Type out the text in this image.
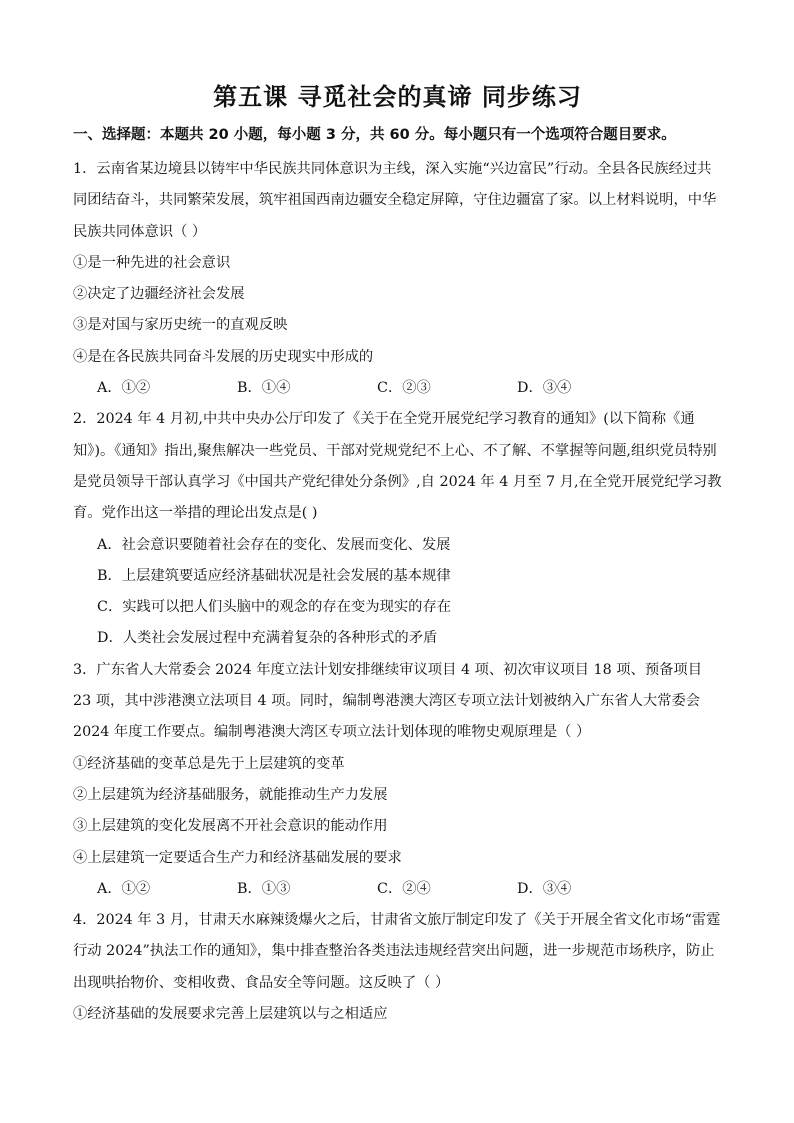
第五课 寻觅社会的真谛 同步练习
一、选择题：本题共 20 小题，每小题 3 分，共 60 分。每小题只有一个选项符合题目要求。
1．云南省某边境县以铸牢中华民族共同体意识为主线，深入实施“兴边富民”行动。全县各民族经过共同团结奋斗，共同繁荣发展，筑牢祖国西南边疆安全稳定屏障，守住边疆富了家。以上材料说明，中华民族共同体意识（ ）
①是一种先进的社会意识
②决定了边疆经济社会发展
③是对国与家历史统一的直观反映
④是在各民族共同奋斗发展的历史现实中形成的
A．①②	B．①④	C．②③	D．③④
2．2024 年 4 月初,中共中央办公厅印发了《关于在全党开展党纪学习教育的通知》(以下简称《通知》)。《通知》指出,聚焦解决一些党员、干部对党规党纪不上心、不了解、不掌握等问题,组织党员特别是党员领导干部认真学习《中国共产党纪律处分条例》,自 2024 年 4 月至 7 月,在全党开展党纪学习教育。党作出这一举措的理论出发点是( )
A．社会意识要随着社会存在的变化、发展而变化、发展
B．上层建筑要适应经济基础状况是社会发展的基本规律
C．实践可以把人们头脑中的观念的存在变为现实的存在
D．人类社会发展过程中充满着复杂的各种形式的矛盾
3．广东省人大常委会 2024 年度立法计划安排继续审议项目 4 项、初次审议项目 18 项、预备项目 23 项，其中涉港澳立法项目 4 项。同时，编制粤港澳大湾区专项立法计划被纳入广东省人大常委会 2024 年度工作要点。编制粤港澳大湾区专项立法计划体现的唯物史观原理是（ ）
①经济基础的变革总是先于上层建筑的变革
②上层建筑为经济基础服务，就能推动生产力发展
③上层建筑的变化发展离不开社会意识的能动作用
④上层建筑一定要适合生产力和经济基础发展的要求
A．①②	B．①③	C．②④	D．③④
4．2024 年 3 月，甘肃天水麻辣烫爆火之后，甘肃省文旅厅制定印发了《关于开展全省文化市场“雷霆行动 2024”执法工作的通知》，集中排查整治各类违法违规经营突出问题，进一步规范市场秩序，防止出现哄抬物价、变相收费、食品安全等问题。这反映了（ ）
①经济基础的发展要求完善上层建筑以与之相适应
